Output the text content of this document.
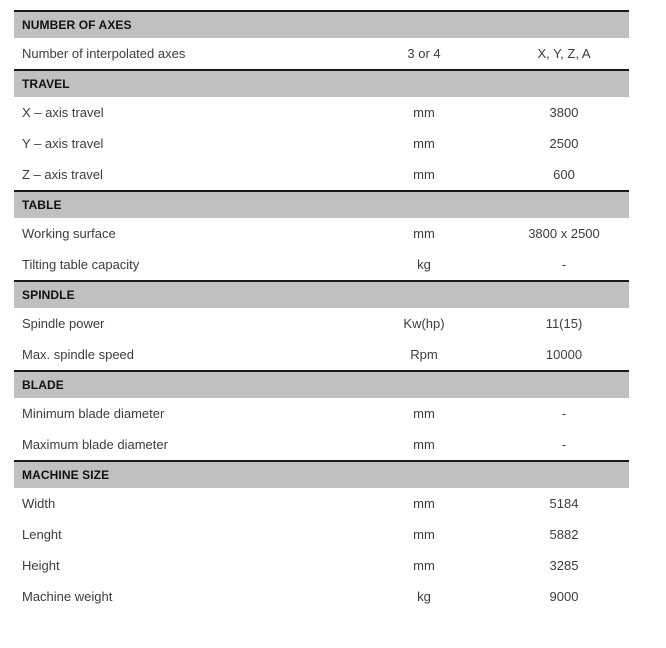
NUMBER OF AXES
Number of interpolated axes	3 or 4	X, Y, Z, A
TRAVEL
X – axis travel	mm	3800
Y – axis travel	mm	2500
Z – axis travel	mm	600
TABLE
Working surface	mm	3800 x 2500
Tilting table capacity	kg	-
SPINDLE
Spindle power	Kw(hp)	11(15)
Max. spindle speed	Rpm	10000
BLADE
Minimum blade diameter	mm	-
Maximum blade diameter	mm	-
MACHINE SIZE
Width	mm	5184
Lenght	mm	5882
Height	mm	3285
Machine weight	kg	9000
